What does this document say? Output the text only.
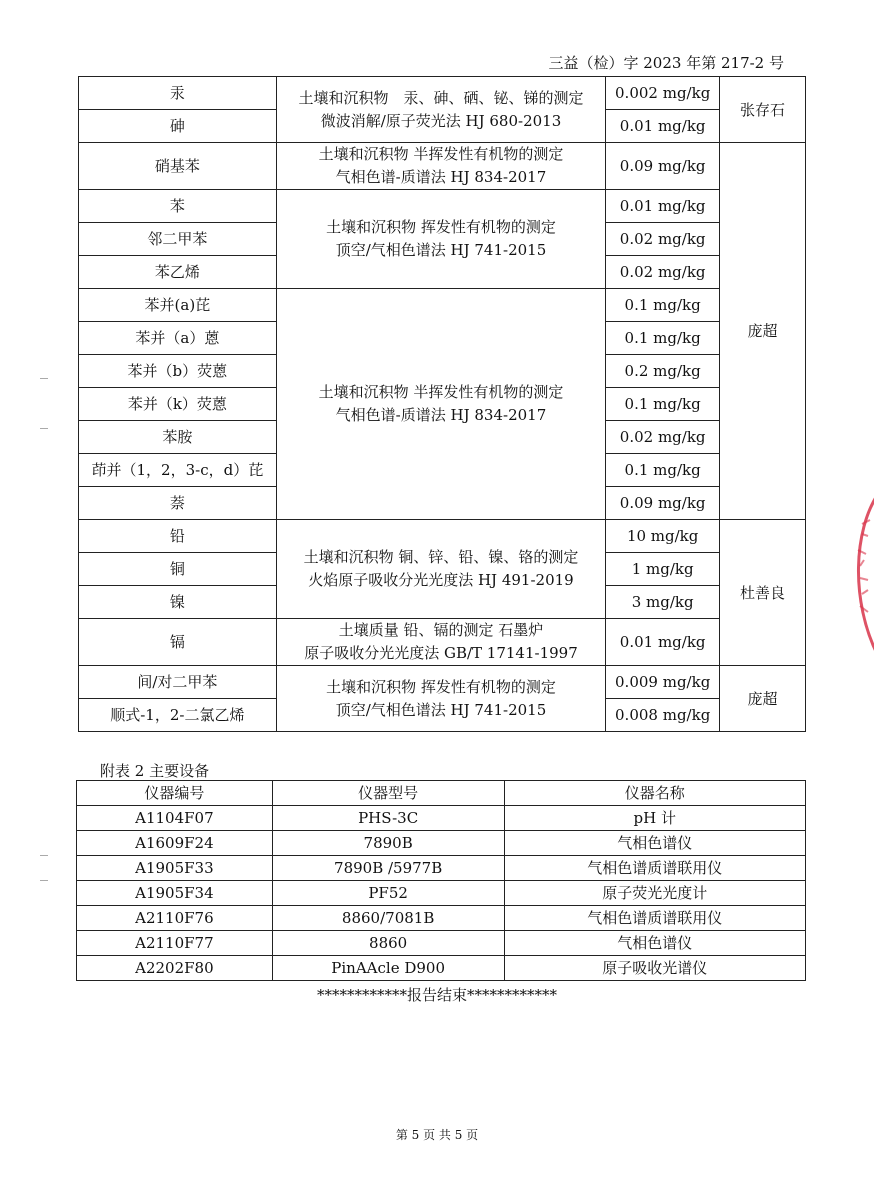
三益（检）字 2023 年第 217-2 号
汞	土壤和沉积物　汞、砷、硒、铋、锑的测定
微波消解/原子荧光法 HJ 680-2013	0.002 mg/kg	张存石
砷		0.01 mg/kg	
硝基苯	土壤和沉积物 半挥发性有机物的测定
气相色谱-质谱法 HJ 834-2017	0.09 mg/kg	庞超
苯	土壤和沉积物 挥发性有机物的测定
顶空/气相色谱法 HJ 741-2015	0.01 mg/kg	
邻二甲苯		0.02 mg/kg	
苯乙烯		0.02 mg/kg	
苯并(a)芘	土壤和沉积物 半挥发性有机物的测定
气相色谱-质谱法 HJ 834-2017	0.1 mg/kg	
苯并（a）蒽		0.1 mg/kg	
苯并（b）荧蒽		0.2 mg/kg	
苯并（k）荧蒽		0.1 mg/kg	
苯胺		0.02 mg/kg	
茚并（1，2，3-c，d）芘		0.1 mg/kg	
萘		0.09 mg/kg	
铅	土壤和沉积物 铜、锌、铅、镍、铬的测定
火焰原子吸收分光光度法 HJ 491-2019	10 mg/kg	杜善良
铜		1 mg/kg	
镍		3 mg/kg	
镉	土壤质量 铅、镉的测定 石墨炉
原子吸收分光光度法 GB/T 17141-1997	0.01 mg/kg	
间/对二甲苯	土壤和沉积物 挥发性有机物的测定
顶空/气相色谱法 HJ 741-2015	0.009 mg/kg	庞超
顺式-1，2-二氯乙烯		0.008 mg/kg	
附表 2 主要设备
仪器编号	仪器型号	仪器名称
A1104F07	PHS-3C	pH 计
A1609F24	7890B	气相色谱仪
A1905F33	7890B /5977B	气相色谱质谱联用仪
A1905F34	PF52	原子荧光光度计
A2110F76	8860/7081B	气相色谱质谱联用仪
A2110F77	8860	气相色谱仪
A2202F80	PinAAcle D900	原子吸收光谱仪
************报告结束************
第 5 页 共 5 页
